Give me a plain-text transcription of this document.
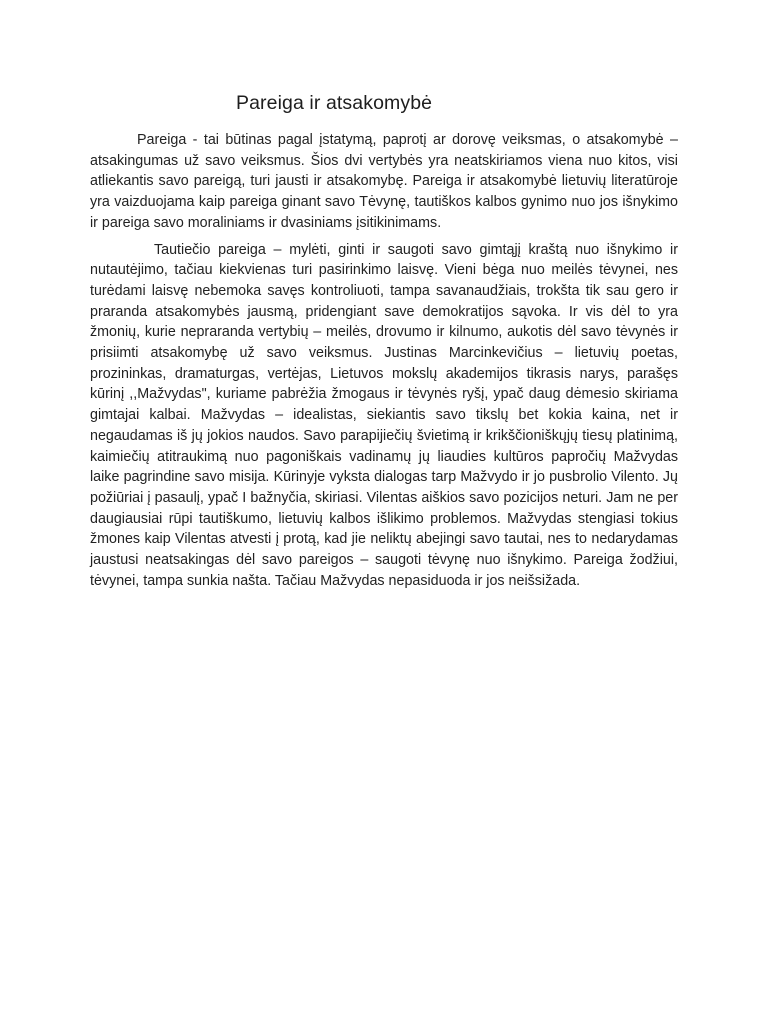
Pareiga ir atsakomybė

Pareiga - tai būtinas pagal įstatymą, paprotį ar dorovę veiksmas, o atsakomybė – atsakingumas už savo veiksmus. Šios dvi vertybės yra neatskiriamos viena nuo kitos, visi atliekantis savo pareigą, turi jausti ir atsakomybę. Pareiga ir atsakomybė lietuvių literatūroje yra vaizduojama kaip pareiga ginant savo Tėvynę, tautiškos kalbos gynimo nuo jos išnykimo ir pareiga savo moraliniams ir dvasiniams įsitikinimams.

Tautiečio pareiga – mylėti, ginti ir saugoti savo gimtąjį kraštą nuo išnykimo ir nutautėjimo, tačiau kiekvienas turi pasirinkimo laisvę. Vieni bėga nuo meilės tėvynei, nes turėdami laisvę nebemoka savęs kontroliuoti, tampa savanaudžiais, trokšta tik sau gero ir praranda atsakomybės jausmą, pridengiant save demokratijos sąvoka. Ir vis dėl to yra žmonių, kurie nepraranda vertybių – meilės, drovumo ir kilnumo, aukotis dėl savo tėvynės ir prisiimti atsakomybę už savo veiksmus. Justinas Marcinkevičius – lietuvių poetas, prozininkas, dramaturgas, vertėjas, Lietuvos mokslų akademijos tikrasis narys, parašęs kūrinį ,,Mažvydas", kuriame pabrėžia žmogaus ir tėvynės ryšį, ypač daug dėmesio skiriama gimtajai kalbai. Mažvydas – idealistas, siekiantis savo tikslų bet kokia kaina, net ir negaudamas iš jų jokios naudos. Savo parapijiečių švietimą ir krikščioniškųjų tiesų platinimą, kaimiečių atitraukimą nuo pagoniškais vadinamų jų liaudies kultūros papročių Mažvydas laike pagrindine savo misija. Kūrinyje vyksta dialogas tarp Mažvydo ir jo pusbrolio Vilento. Jų požiūriai į pasaulį, ypač I bažnyčia, skiriasi. Vilentas aiškios savo pozicijos neturi. Jam ne per daugiausiai rūpi tautiškumo, lietuvių kalbos išlikimo problemos. Mažvydas stengiasi tokius žmones kaip Vilentas atvesti į protą, kad jie neliktų abejingi savo tautai, nes to nedarydamas jaustusi neatsakingas dėl savo pareigos – saugoti tėvynę nuo išnykimo. Pareiga žodžiui, tėvynei, tampa sunkia našta. Tačiau Mažvydas nepasiduoda ir jos neišsižada.
